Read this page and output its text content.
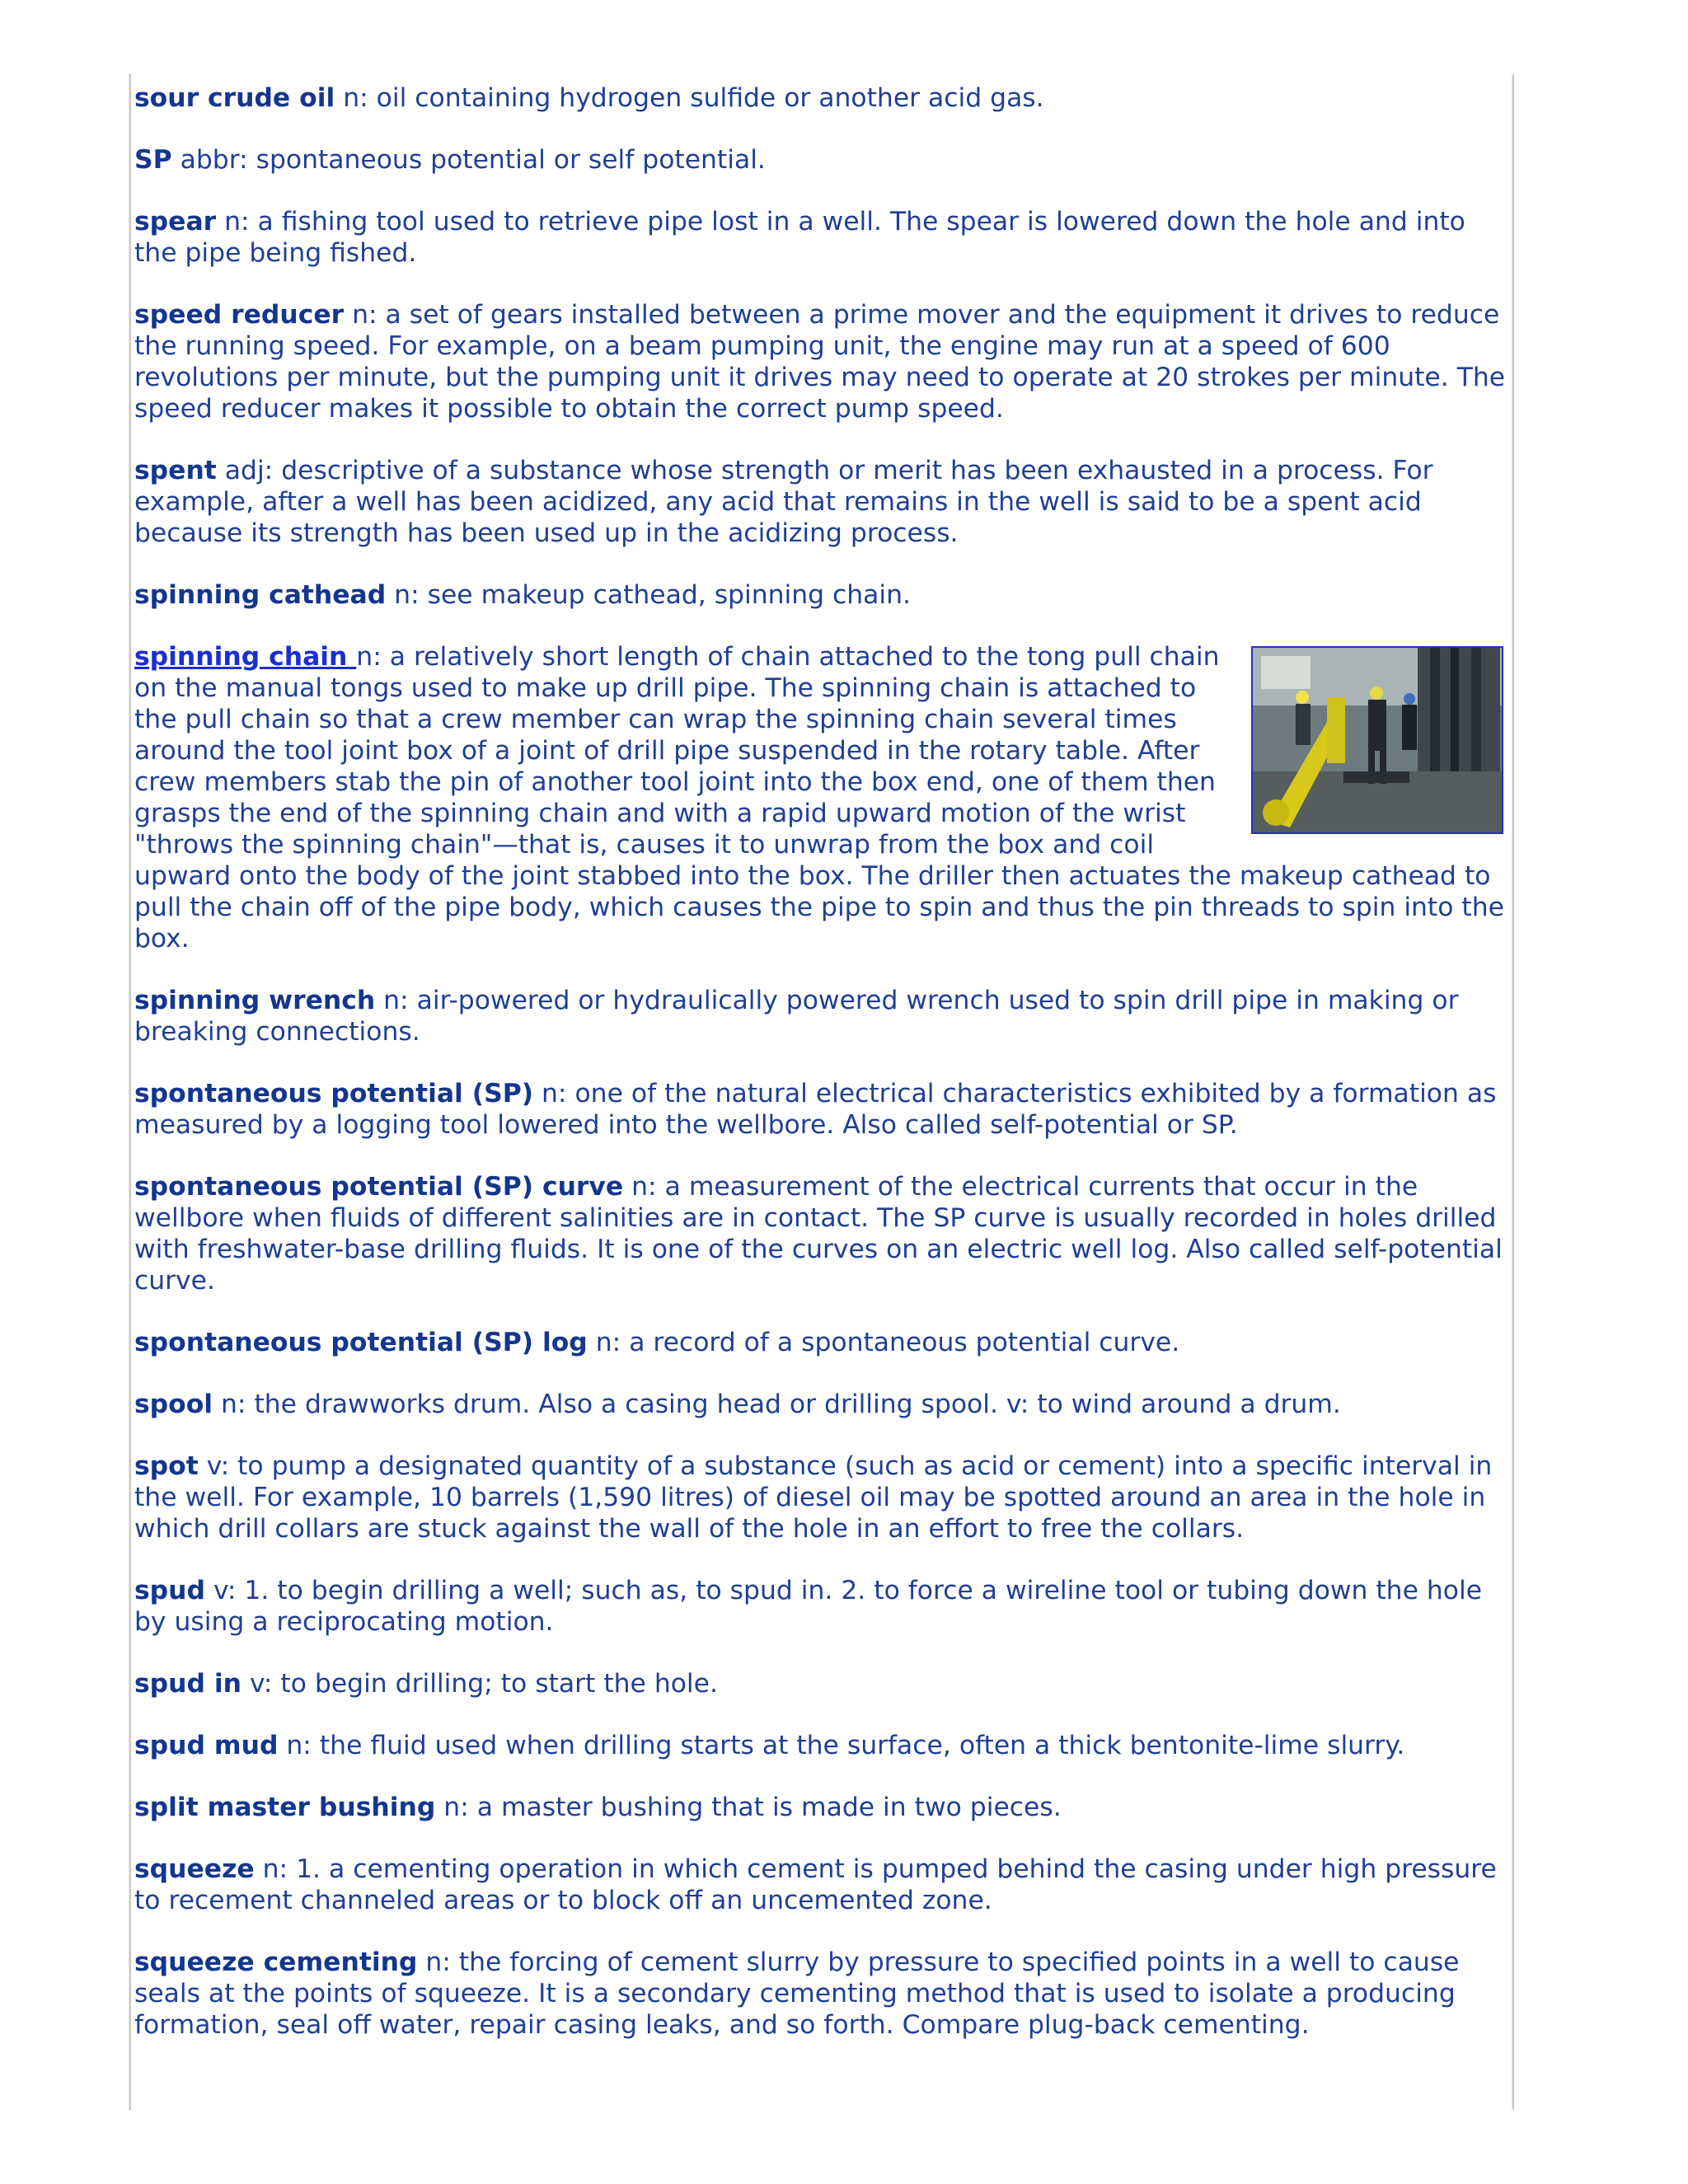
sour crude oil n: oil containing hydrogen sulfide or another acid gas.

SP abbr: spontaneous potential or self potential.

spear n: a fishing tool used to retrieve pipe lost in a well. The spear is lowered down the hole and into the pipe being fished.

speed reducer n: a set of gears installed between a prime mover and the equipment it drives to reduce the running speed. For example, on a beam pumping unit, the engine may run at a speed of 600 revolutions per minute, but the pumping unit it drives may need to operate at 20 strokes per minute. The speed reducer makes it possible to obtain the correct pump speed.

spent adj: descriptive of a substance whose strength or merit has been exhausted in a process. For example, after a well has been acidized, any acid that remains in the well is said to be a spent acid because its strength has been used up in the acidizing process.

spinning cathead n: see makeup cathead, spinning chain.

spinning chain n: a relatively short length of chain attached to the tong pull chain on the manual tongs used to make up drill pipe. The spinning chain is attached to the pull chain so that a crew member can wrap the spinning chain several times around the tool joint box of a joint of drill pipe suspended in the rotary table. After crew members stab the pin of another tool joint into the box end, one of them then grasps the end of the spinning chain and with a rapid upward motion of the wrist "throws the spinning chain"—that is, causes it to unwrap from the box and coil upward onto the body of the joint stabbed into the box. The driller then actuates the makeup cathead to pull the chain off of the pipe body, which causes the pipe to spin and thus the pin threads to spin into the box.

spinning wrench n: air-powered or hydraulically powered wrench used to spin drill pipe in making or breaking connections.

spontaneous potential (SP) n: one of the natural electrical characteristics exhibited by a formation as measured by a logging tool lowered into the wellbore. Also called self-potential or SP.

spontaneous potential (SP) curve n: a measurement of the electrical currents that occur in the wellbore when fluids of different salinities are in contact. The SP curve is usually recorded in holes drilled with freshwater-base drilling fluids. It is one of the curves on an electric well log. Also called self-potential curve.

spontaneous potential (SP) log n: a record of a spontaneous potential curve.

spool n: the drawworks drum. Also a casing head or drilling spool. v: to wind around a drum.

spot v: to pump a designated quantity of a substance (such as acid or cement) into a specific interval in the well. For example, 10 barrels (1,590 litres) of diesel oil may be spotted around an area in the hole in which drill collars are stuck against the wall of the hole in an effort to free the collars.

spud v: 1. to begin drilling a well; such as, to spud in. 2. to force a wireline tool or tubing down the hole by using a reciprocating motion.

spud in v: to begin drilling; to start the hole.

spud mud n: the fluid used when drilling starts at the surface, often a thick bentonite-lime slurry.

split master bushing n: a master bushing that is made in two pieces.

squeeze n: 1. a cementing operation in which cement is pumped behind the casing under high pressure to recement channeled areas or to block off an uncemented zone.

squeeze cementing n: the forcing of cement slurry by pressure to specified points in a well to cause seals at the points of squeeze. It is a secondary cementing method that is used to isolate a producing formation, seal off water, repair casing leaks, and so forth. Compare plug-back cementing.
